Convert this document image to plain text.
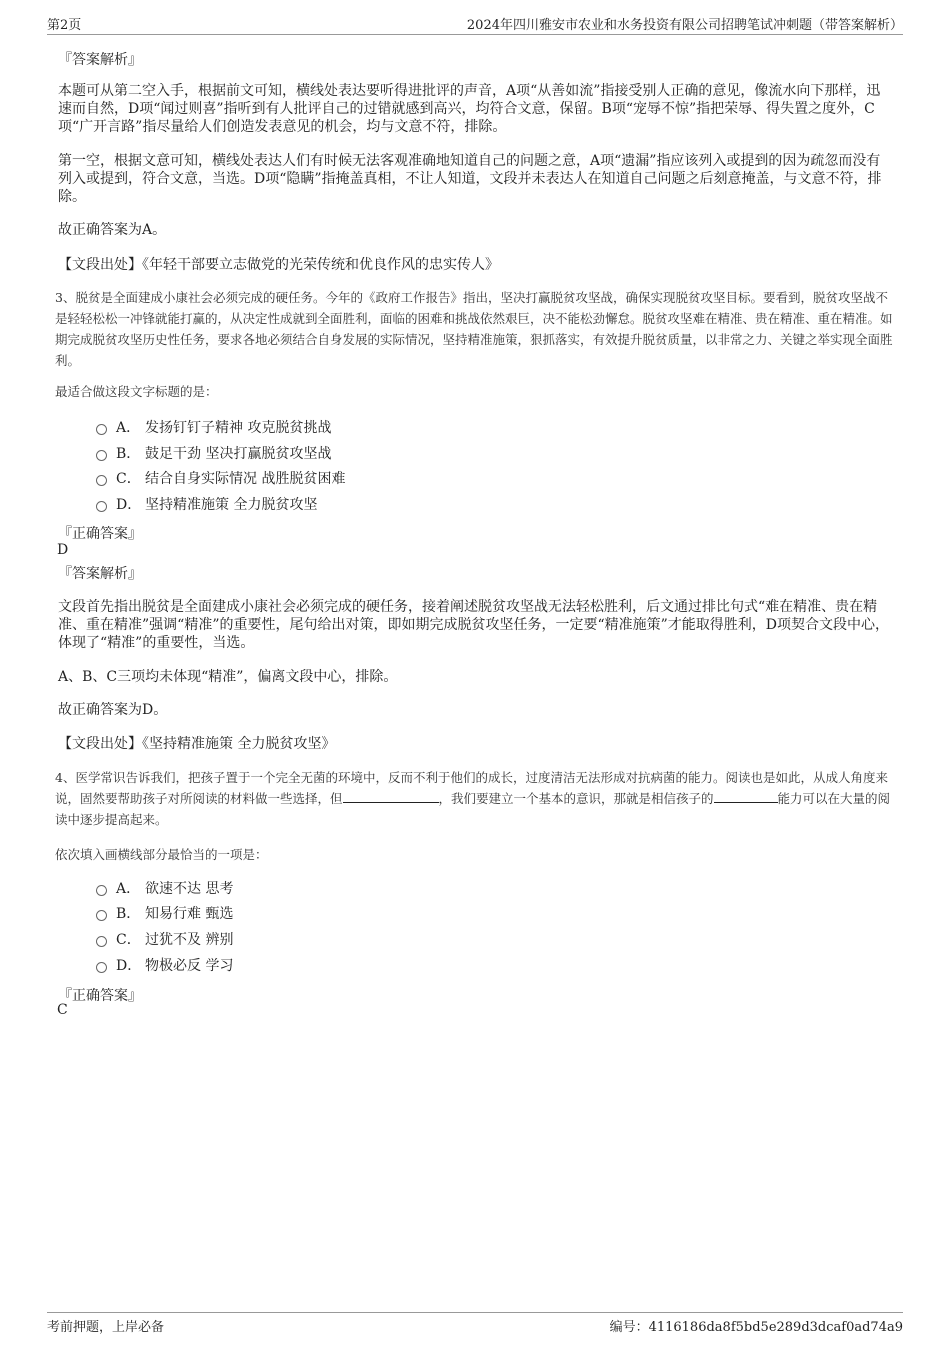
第2页	2024年四川雅安市农业和水务投资有限公司招聘笔试冲刺题（带答案解析）
『答案解析』
本题可从第二空入手，根据前文可知，横线处表达要听得进批评的声音，A项“从善如流”指接受别人正确的意见，像流水向下那样，迅速而自然，D项“闻过则喜”指听到有人批评自己的过错就感到高兴，均符合文意，保留。B项“宠辱不惊”指把荣辱、得失置之度外，C项“广开言路”指尽量给人们创造发表意见的机会，均与文意不符，排除。
第一空，根据文意可知，横线处表达人们有时候无法客观准确地知道自己的问题之意，A项“遗漏”指应该列入或提到的因为疏忽而没有列入或提到，符合文意，当选。D项“隐瞒”指掩盖真相，不让人知道，文段并未表达人在知道自己问题之后刻意掩盖，与文意不符，排除。
故正确答案为A。
【文段出处】《年轻干部要立志做党的光荣传统和优良作风的忠实传人》
3、脱贫是全面建成小康社会必须完成的硬任务。今年的《政府工作报告》指出，坚决打赢脱贫攻坚战，确保实现脱贫攻坚目标。要看到，脱贫攻坚战不是轻轻松松一冲锋就能打赢的，从决定性成就到全面胜利，面临的困难和挑战依然艰巨，决不能松劲懈怠。脱贫攻坚难在精准、贵在精准、重在精准。如期完成脱贫攻坚历史性任务，要求各地必须结合自身发展的实际情况，坚持精准施策，狠抓落实，有效提升脱贫质量，以非常之力、关键之举实现全面胜利。
最适合做这段文字标题的是：
A． 发扬钉钉子精神 攻克脱贫挑战
B． 鼓足干劲 坚决打赢脱贫攻坚战
C． 结合自身实际情况 战胜脱贫困难
D． 坚持精准施策 全力脱贫攻坚
『正确答案』
D
『答案解析』
文段首先指出脱贫是全面建成小康社会必须完成的硬任务，接着阐述脱贫攻坚战无法轻松胜利，后文通过排比句式“难在精准、贵在精准、重在精准”强调“精准”的重要性，尾句给出对策，即如期完成脱贫攻坚任务，一定要“精准施策”才能取得胜利，D项契合文段中心，体现了“精准”的重要性，当选。
A、B、C三项均未体现“精准”，偏离文段中心，排除。
故正确答案为D。
【文段出处】《坚持精准施策 全力脱贫攻坚》
4、医学常识告诉我们，把孩子置于一个完全无菌的环境中，反而不利于他们的成长，过度清洁无法形成对抗病菌的能力。阅读也是如此，从成人角度来说，固然要帮助孩子对所阅读的材料做一些选择，但	，我们要建立一个基本的意识，那就是相信孩子的	能力可以在大量的阅读中逐步提高起来。
依次填入画横线部分最恰当的一项是：
A． 欲速不达 思考
B． 知易行难 甄选
C． 过犹不及 辨别
D． 物极必反 学习
『正确答案』
C
考前押题，上岸必备	编号：4116186da8f5bd5e289d3dcaf0ad74a9
